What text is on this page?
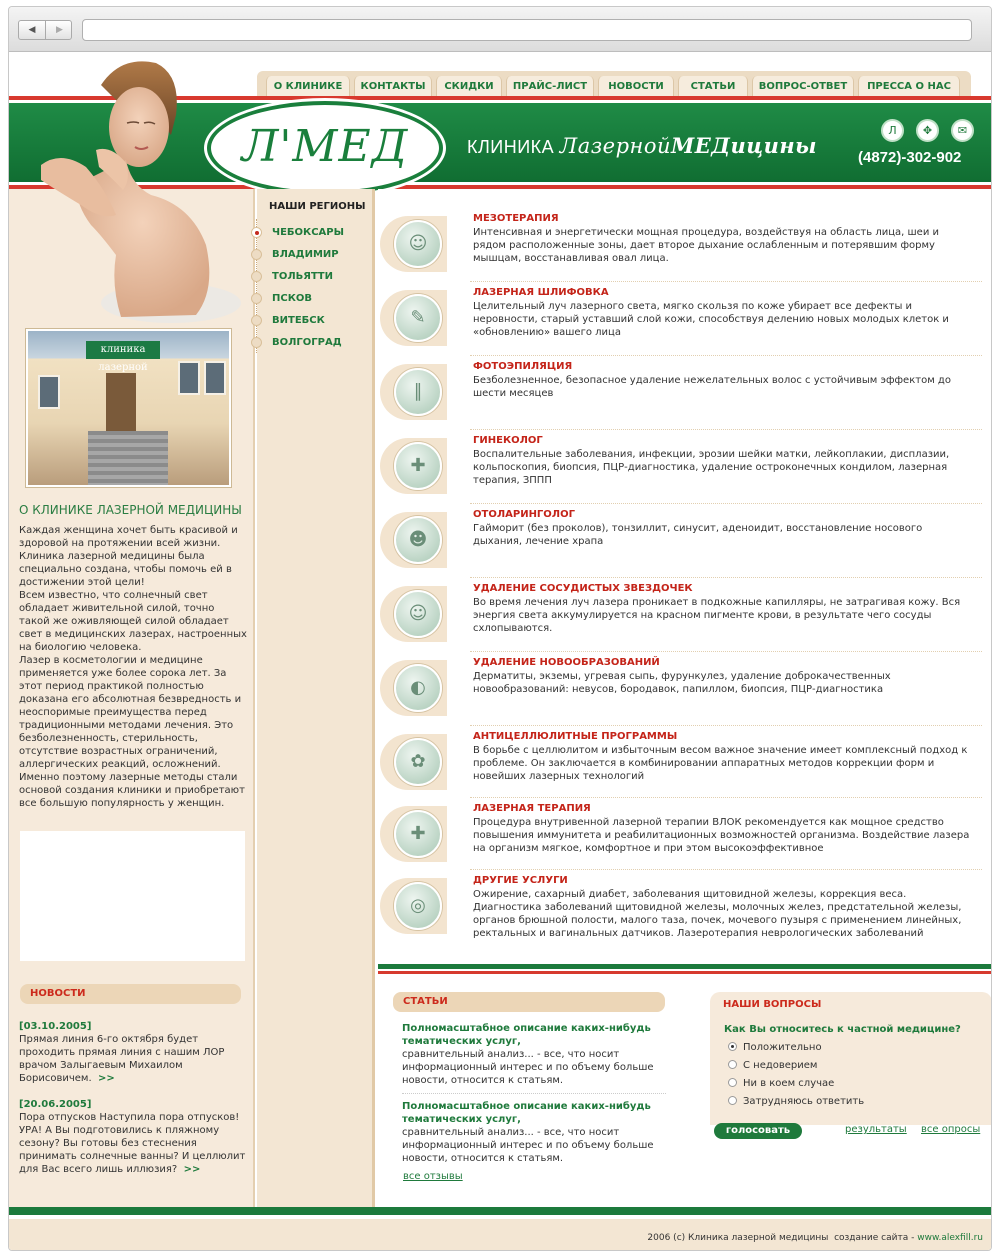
◀	▶
О КЛИНИКЕ	КОНТАКТЫ	СКИДКИ	ПРАЙС-ЛИСТ	НОВОСТИ	СТАТЬИ	ВОПРОС-ОТВЕТ	ПРЕССА О НАС
Л'МЕД	КЛИНИКА ЛазернойМЕДицины
Л	✥	✉
(4872)-302-902
клиника лазерной
О КЛИНИКЕ ЛАЗЕРНОЙ МЕДИЦИНЫ
Каждая женщина хочет быть красивой и здоровой на протяжении всей жизни. Клиника лазерной медицины была специально создана, чтобы помочь ей в достижении этой цели!
Всем известно, что солнечный свет обладает живительной силой, точно такой же оживляющей силой обладает свет в медицинских лазерах, настроенных на биологию человека.
Лазер в косметологии и медицине применяется уже более сорока лет. За этот период практикой полностью доказана его абсолютная безвредность и неоспоримые преимущества перед традиционными методами лечения. Это безболезненность, стерильность, отсутствие возрастных ограничений, аллергических реакций, осложнений. Именно поэтому лазерные методы стали основой создания клиники и приобретают все большую популярность у женщин.
НОВОСТИ
[03.10.2005]
Прямая линия 6-го октября будет проходить прямая линия с нашим ЛОР врачом Залыгаевым Михаилом Борисовичем. >>
[20.06.2005]
Пора отпусков Наступила пора отпусков! УРА! А Вы подготовились к пляжному сезону? Вы готовы без стеснения принимать солнечные ванны? И целлюлит для Вас всего лишь иллюзия? >>
НАШИ РЕГИОНЫ
ЧЕБОКСАРЫ
ВЛАДИМИР
ТОЛЬЯТТИ
ПСКОВ
ВИТЕБСК
ВОЛГОГРАД
☺
МЕЗОТЕРАПИЯ

Интенсивная и энергетически мощная процедура, воздействуя на область лица, шеи и рядом расположенные зоны, дает второе дыхание ослабленным и потерявшим форму мышцам, восстанавливая овал лица.

✎
ЛАЗЕРНАЯ ШЛИФОВКА

Целительный луч лазерного света, мягко скользя по коже убирает все дефекты и неровности, старый уставший слой кожи, способствуя делению новых молодых клеток и «обновлению» вашего лица

∥
ФОТОЭПИЛЯЦИЯ

Безболезненное, безопасное удаление нежелательных волос с устойчивым эффектом до шести месяцев

✚
ГИНЕКОЛОГ

Воспалительные заболевания, инфекции, эрозии шейки матки, лейкоплакии, дисплазии, кольпоскопия, биопсия, ПЦР-диагностика, удаление остроконечных кондилом, лазерная терапия, ЗППП

☻
ОТОЛАРИНГОЛОГ

Гайморит (без проколов), тонзиллит, синусит, аденоидит, восстановление носового дыхания, лечение храпа

☺
УДАЛЕНИЕ СОСУДИСТЫХ ЗВЕЗДОЧЕК

Во время лечения луч лазера проникает в подкожные капилляры, не затрагивая кожу. Вся энергия света аккумулируется на красном пигменте крови, в результате чего сосуды схлопываются.

◐
УДАЛЕНИЕ НОВООБРАЗОВАНИЙ

Дерматиты, экземы, угревая сыпь, фурункулез, удаление доброкачественных новообразований: невусов, бородавок, папиллом, биопсия, ПЦР-диагностика

✿
АНТИЦЕЛЛЮЛИТНЫЕ ПРОГРАММЫ

В борьбе с целлюлитом и избыточным весом важное значение имеет комплексный подход к проблеме. Он заключается в комбинировании аппаратных методов коррекции форм и новейших лазерных технологий

✚
ЛАЗЕРНАЯ ТЕРАПИЯ

Процедура внутривенной лазерной терапии ВЛОК рекомендуется как мощное средство повышения иммунитета и реабилитационных возможностей организма. Воздействие лазера на организм мягкое, комфортное и при этом высокоэффективное

◎
ДРУГИЕ УСЛУГИ

Ожирение, сахарный диабет, заболевания щитовидной железы, коррекция веса. Диагностика заболеваний щитовидной железы, молочных желез, предстательной железы, органов брюшной полости, малого таза, почек, мочевого пузыря с применением линейных, ректальных и вагинальных датчиков. Лазеротерапия неврологических заболеваний

СТАТЬИ
Полномасштабное описание каких-нибудь тематических услуг,

сравнительный анализ... - все, что носит информационный интерес и по объему больше новости, относится к статьям.

Полномасштабное описание каких-нибудь тематических услуг,

сравнительный анализ... - все, что носит информационный интерес и по объему больше новости, относится к статьям.

все отзывы
НАШИ ВОПРОСЫ
Как Вы относитесь к частной медицине?
Положительно
С недоверием
Ни в коем случае
Затрудняюсь ответить
голосовать	результаты все опросы
2006 (c) Клиника лазерной медицины создание сайта - www.alexfill.ru
